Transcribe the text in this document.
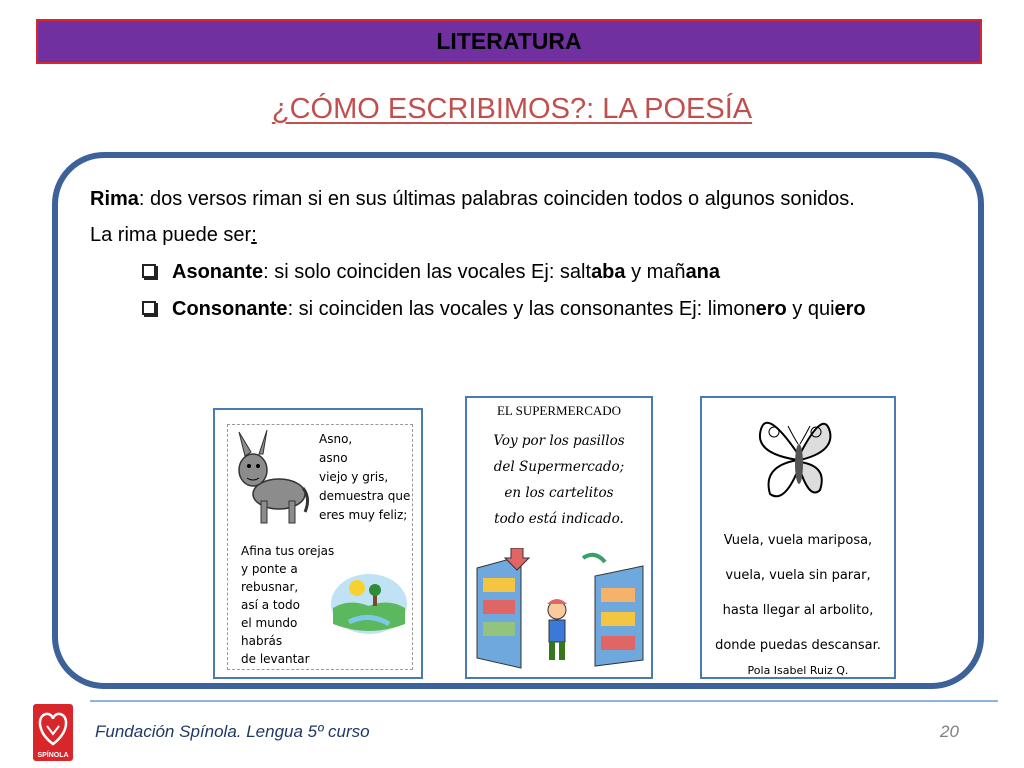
LITERATURA
¿CÓMO ESCRIBIMOS?: LA POESÍA

Rima: dos versos riman si en sus últimas palabras coinciden todos o algunos sonidos.

La rima puede ser:

Asonante: si solo coinciden las vocales Ej: saltaba y mañana
Consonante: si coinciden las vocales y las consonantes Ej: limonero y quiero
Asno,
asno
viejo y gris,
demuestra que
eres muy feliz;
Afina tus orejas
y ponte a
rebusnar,
así a todo
el mundo
habrás
de levantar
EL SUPERMERCADO
Voy por los pasillos
del Supermercado;
en los cartelitos
todo está indicado.
Vuela, vuela mariposa,
vuela, vuela sin parar,
hasta llegar al arbolito,
donde puedas descansar.
Pola Isabel Ruiz Q.
SPÍNOLA
Fundación Spínola. Lengua 5º curso	20
